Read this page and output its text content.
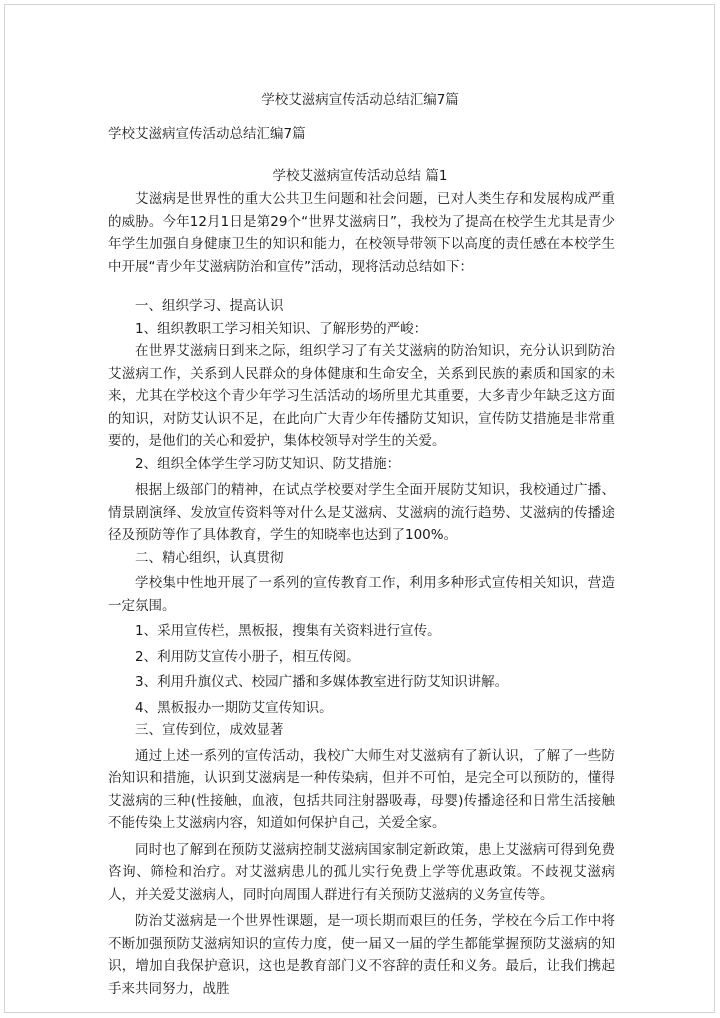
学校艾滋病宣传活动总结汇编7篇
学校艾滋病宣传活动总结汇编7篇
学校艾滋病宣传活动总结 篇1

艾滋病是世界性的重大公共卫生问题和社会问题，已对人类生存和发展构成严重的威胁。今年12月1日是第29个“世界艾滋病日”，我校为了提高在校学生尤其是青少年学生加强自身健康卫生的知识和能力，在校领导带领下以高度的责任感在本校学生中开展“青少年艾滋病防治和宣传”活动，现将活动总结如下：

一、组织学习、提高认识

1、组织教职工学习相关知识、了解形势的严峻：

在世界艾滋病日到来之际，组织学习了有关艾滋病的防治知识，充分认识到防治艾滋病工作，关系到人民群众的身体健康和生命安全，关系到民族的素质和国家的未来，尤其在学校这个青少年学习生活活动的场所里尤其重要，大多青少年缺乏这方面的知识，对防艾认识不足，在此向广大青少年传播防艾知识，宣传防艾措施是非常重要的，是他们的关心和爱护，集体校领导对学生的关爱。

2、组织全体学生学习防艾知识、防艾措施：

根据上级部门的精神，在试点学校要对学生全面开展防艾知识，我校通过广播、情景剧演绎、发放宣传资料等对什么是艾滋病、艾滋病的流行趋势、艾滋病的传播途径及预防等作了具体教育，学生的知晓率也达到了100%。

二、精心组织，认真贯彻

学校集中性地开展了一系列的宣传教育工作，利用多种形式宣传相关知识，营造一定氛围。

1、采用宣传栏，黑板报，搜集有关资料进行宣传。

2、利用防艾宣传小册子，相互传阅。

3、利用升旗仪式、校园广播和多媒体教室进行防艾知识讲解。

4、黑板报办一期防艾宣传知识。

三、宣传到位，成效显著

通过上述一系列的宣传活动，我校广大师生对艾滋病有了新认识，了解了一些防治知识和措施，认识到艾滋病是一种传染病，但并不可怕，是完全可以预防的，懂得艾滋病的三种(性接触，血液，包括共同注射器吸毒，母婴)传播途径和日常生活接触不能传染上艾滋病内容，知道如何保护自己，关爱全家。

同时也了解到在预防艾滋病控制艾滋病国家制定新政策，患上艾滋病可得到免费咨询、筛检和治疗。对艾滋病患儿的孤儿实行免费上学等优惠政策。不歧视艾滋病人，并关爱艾滋病人，同时向周围人群进行有关预防艾滋病的义务宣传等。

防治艾滋病是一个世界性课题，是一项长期而艰巨的任务，学校在今后工作中将不断加强预防艾滋病知识的宣传力度，使一届又一届的学生都能掌握预防艾滋病的知识，增加自我保护意识，这也是教育部门义不容辞的责任和义务。最后，让我们携起手来共同努力，战胜
